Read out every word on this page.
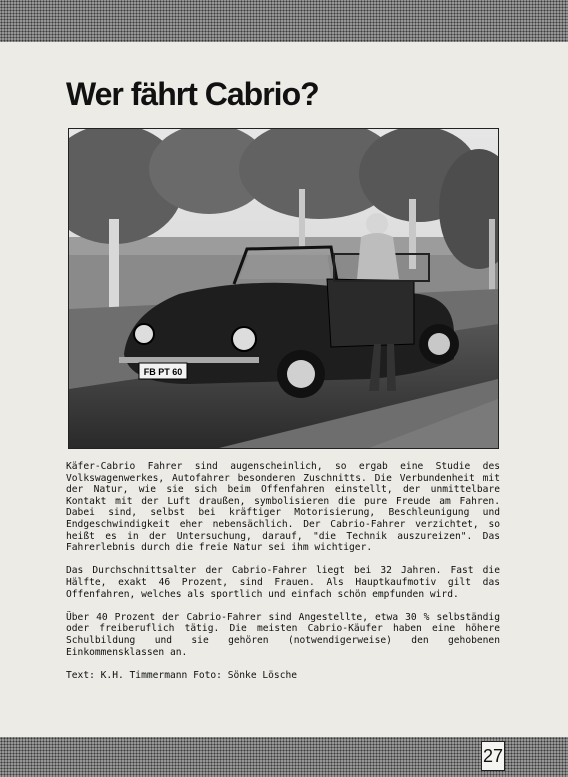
Wer fährt Cabrio?
FB PT 60

Käfer-Cabrio Fahrer sind augenscheinlich, so ergab eine Studie des Volkswagenwerkes, Autofahrer besonderen Zuschnitts. Die Verbundenheit mit der Natur, wie sie sich beim Offenfahren einstellt, der unmittelbare Kontakt mit der Luft draußen, symbolisieren die pure Freude am Fahren. Dabei sind, selbst bei kräftiger Motorisierung, Beschleunigung und Endgeschwindigkeit eher nebensächlich. Der Cabrio-Fahrer verzichtet, so heißt es in der Untersuchung, darauf, "die Technik auszureizen". Das Fahrerlebnis durch die freie Natur sei ihm wichtiger.

Das Durchschnittsalter der Cabrio-Fahrer liegt bei 32 Jahren. Fast die Hälfte, exakt 46 Prozent, sind Frauen. Als Hauptkaufmotiv gilt das Offenfahren, welches als sportlich und einfach schön empfunden wird.

Über 40 Prozent der Cabrio-Fahrer sind Angestellte, etwa 30 % selbständig oder freiberuflich tätig. Die meisten Cabrio-Käufer haben eine höhere Schulbildung und sie gehören (notwendigerweise) den gehobenen Einkommensklassen an.

Text: K.H. Timmermann Foto: Sönke Lösche

27
